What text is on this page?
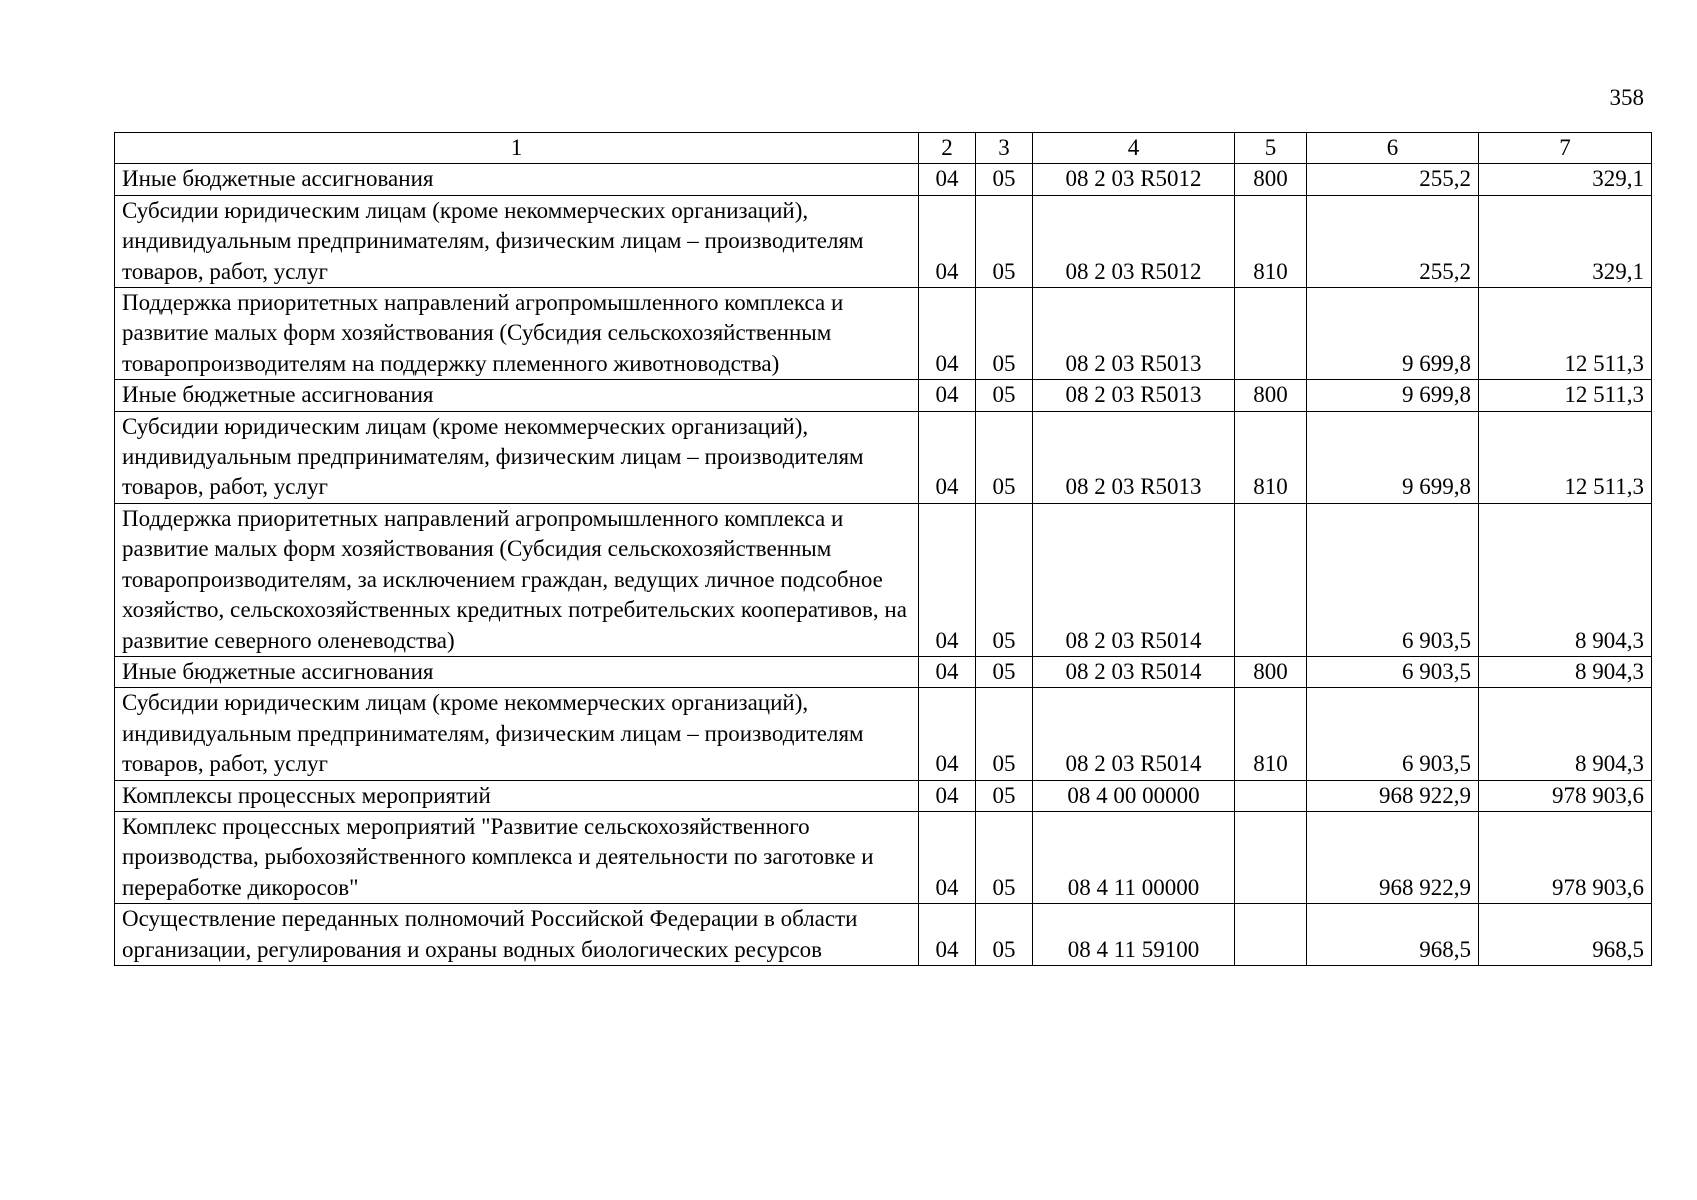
358
1	2	3	4	5	6	7
Иные бюджетные ассигнования	04	05	08 2 03 R5012	800	255,2	329,1
Субсидии юридическим лицам (кроме некоммерческих организаций), индивидуальным предпринимателям, физическим лицам – производителям товаров, работ, услуг	04	05	08 2 03 R5012	810	255,2	329,1
Поддержка приоритетных направлений агропромышленного комплекса и развитие малых форм хозяйствования (Субсидия сельскохозяйственным товаропроизводителям на поддержку племенного животноводства)	04	05	08 2 03 R5013		9 699,8	12 511,3
Иные бюджетные ассигнования	04	05	08 2 03 R5013	800	9 699,8	12 511,3
Субсидии юридическим лицам (кроме некоммерческих организаций), индивидуальным предпринимателям, физическим лицам – производителям товаров, работ, услуг	04	05	08 2 03 R5013	810	9 699,8	12 511,3
Поддержка приоритетных направлений агропромышленного комплекса и развитие малых форм хозяйствования (Субсидия сельскохозяйственным товаропроизводителям, за исключением граждан, ведущих личное подсобное хозяйство, сельскохозяйственных кредитных потребительских кооперативов, на развитие северного оленеводства)	04	05	08 2 03 R5014		6 903,5	8 904,3
Иные бюджетные ассигнования	04	05	08 2 03 R5014	800	6 903,5	8 904,3
Субсидии юридическим лицам (кроме некоммерческих организаций), индивидуальным предпринимателям, физическим лицам – производителям товаров, работ, услуг	04	05	08 2 03 R5014	810	6 903,5	8 904,3
Комплексы процессных мероприятий	04	05	08 4 00 00000		968 922,9	978 903,6
Комплекс процессных мероприятий "Развитие сельскохозяйственного производства, рыбохозяйственного комплекса и деятельности по заготовке и переработке дикоросов"	04	05	08 4 11 00000		968 922,9	978 903,6
Осуществление переданных полномочий Российской Федерации в области организации, регулирования и охраны водных биологических ресурсов	04	05	08 4 11 59100		968,5	968,5
